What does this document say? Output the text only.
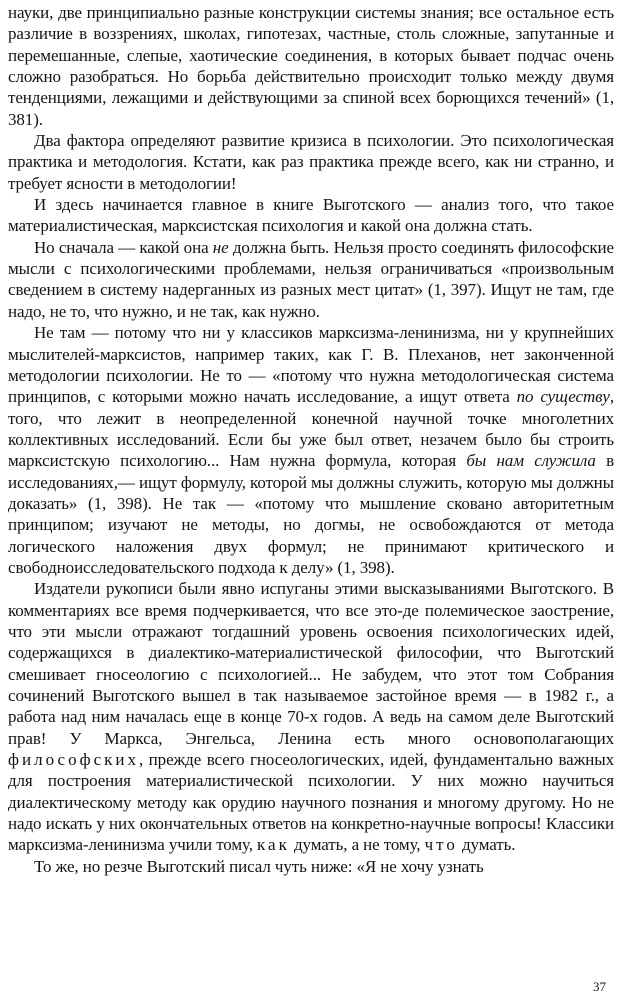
науки, две принципиально разные конструкции системы знания; все остальное есть различие в воззрениях, школах, гипотезах, частные, столь сложные, запутанные и перемешанные, слепые, хаотические соединения, в которых бывает подчас очень сложно разобраться. Но борьба действительно происходит только между двумя тенденциями, лежащими и действующими за спиной всех борющихся течений» (1, 381).

Два фактора определяют развитие кризиса в психологии. Это психологическая практика и методология. Кстати, как раз практика прежде всего, как ни странно, и требует ясности в методологии!

И здесь начинается главное в книге Выготского — анализ того, что такое материалистическая, марксистская психология и какой она должна стать.

Но сначала — какой она не должна быть. Нельзя просто соединять философские мысли с психологическими проблемами, нельзя ограничиваться «произвольным сведением в систему надерганных из разных мест цитат» (1, 397). Ищут не там, где надо, не то, что нужно, и не так, как нужно.

Не там — потому что ни у классиков марксизма-ленинизма, ни у крупнейших мыслителей-марксистов, например таких, как Г. В. Плеханов, нет законченной методологии психологии. Не то — «потому что нужна методологическая система принципов, с которыми можно начать исследование, а ищут ответа по существу, того, что лежит в неопределенной конечной научной точке многолетних коллективных исследований. Если бы уже был ответ, незачем было бы строить марксистскую психологию... Нам нужна формула, которая бы нам служила в исследованиях,— ищут формулу, которой мы должны служить, которую мы должны доказать» (1, 398). Не так — «потому что мышление сковано авторитетным принципом; изучают не методы, но догмы, не освобождаются от метода логического наложения двух формул; не принимают критического и свободноисследовательского подхода к делу» (1, 398).

Издатели рукописи были явно испуганы этими высказываниями Выготского. В комментариях все время подчеркивается, что все это-де полемическое заострение, что эти мысли отражают тогдашний уровень освоения психологических идей, содержащихся в диалектико-материалистической философии, что Выготский смешивает гносеологию с психологией... Не забудем, что этот том Собрания сочинений Выготского вышел в так называемое застойное время — в 1982 г., а работа над ним началась еще в конце 70-х годов. А ведь на самом деле Выготский прав! У Маркса, Энгельса, Ленина есть много основополагающих философских, прежде всего гносеологических, идей, фундаментально важных для построения материалистической психологии. У них можно научиться диалектическому методу как орудию научного познания и многому другому. Но не надо искать у них окончательных ответов на конкретно-научные вопросы! Классики марксизма-ленинизма учили тому, как думать, а не тому, что думать.

То же, но резче Выготский писал чуть ниже: «Я не хочу узнать

37
